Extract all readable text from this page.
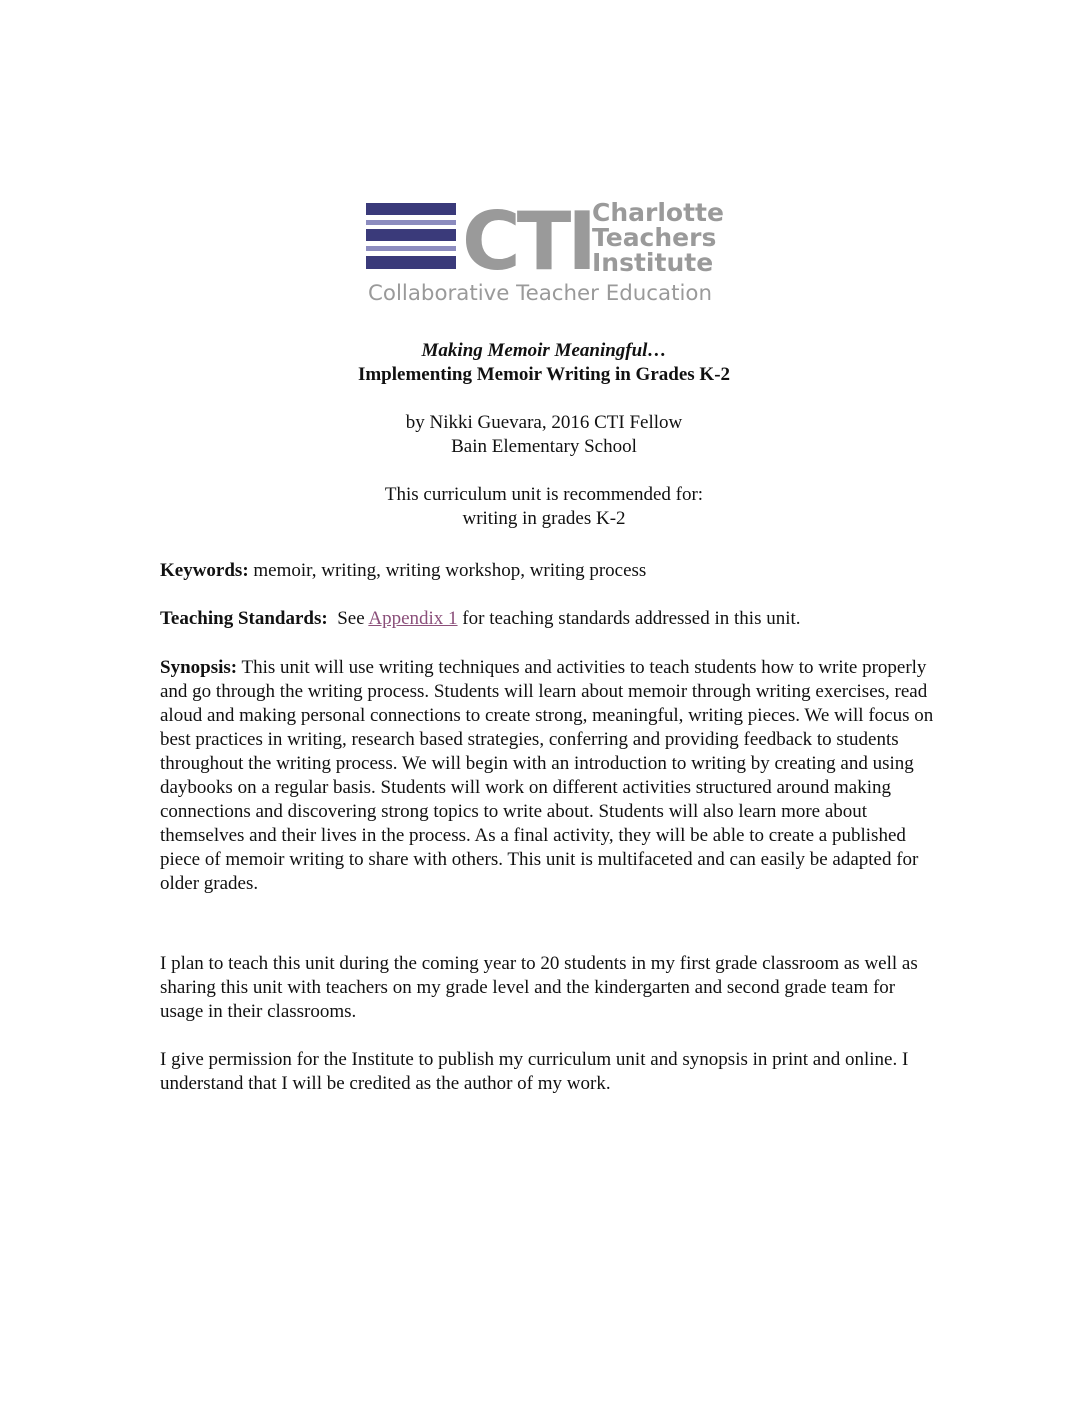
CTI
Charlotte
Teachers
Institute
Collaborative Teacher Education

Making Memoir Meaningful…

Implementing Memoir Writing in Grades K-2

by Nikki Guevara, 2016 CTI Fellow

Bain Elementary School

This curriculum unit is recommended for:

writing in grades K-2

Keywords: memoir, writing, writing workshop, writing process
Teaching Standards:  See Appendix 1 for teaching standards addressed in this unit.
Synopsis: This unit will use writing techniques and activities to teach students how to write properly and go through the writing process. Students will learn about memoir through writing exercises, read aloud and making personal connections to create strong, meaningful, writing pieces. We will focus on best practices in writing, research based strategies, conferring and providing feedback to students throughout the writing process. We will begin with an introduction to writing by creating and using daybooks on a regular basis. Students will work on different activities structured around making connections and discovering strong topics to write about. Students will also learn more about themselves and their lives in the process. As a final activity, they will be able to create a published piece of memoir writing to share with others. This unit is multifaceted and can easily be adapted for older grades.
I plan to teach this unit during the coming year to 20 students in my first grade classroom as well as sharing this unit with teachers on my grade level and the kindergarten and second grade team for usage in their classrooms.
I give permission for the Institute to publish my curriculum unit and synopsis in print and online. I understand that I will be credited as the author of my work.
